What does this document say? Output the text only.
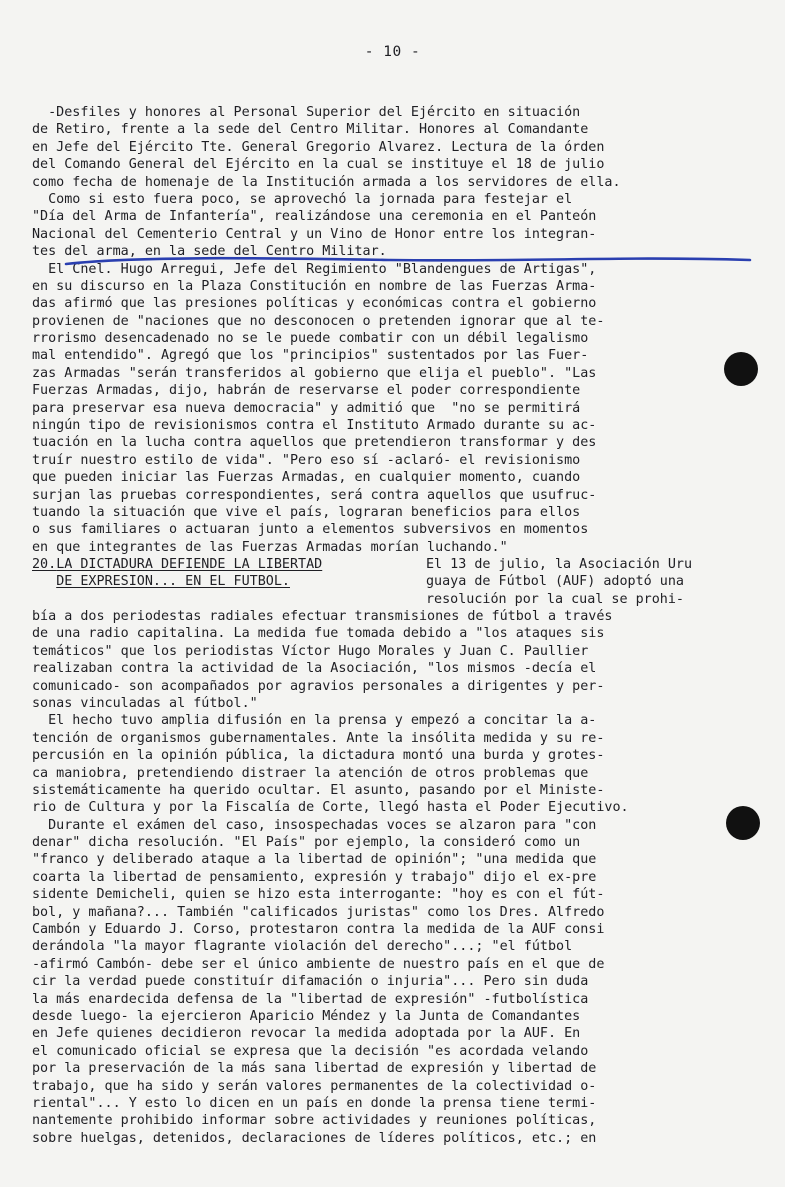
- 10 -
-Desfiles y honores al Personal Superior del Ejército en situación
de Retiro, frente a la sede del Centro Militar. Honores al Comandante
en Jefe del Ejército Tte. General Gregorio Alvarez. Lectura de la órden
del Comando General del Ejército en la cual se instituye el 18 de julio
como fecha de homenaje de la Institución armada a los servidores de ella.
Como si esto fuera poco, se aprovechó la jornada para festejar el
"Día del Arma de Infantería", realizándose una ceremonia en el Panteón
Nacional del Cementerio Central y un Vino de Honor entre los integran-
tes del arma, en la sede del Centro Militar.
El Cnel. Hugo Arregui, Jefe del Regimiento "Blandengues de Artigas",
en su discurso en la Plaza Constitución en nombre de las Fuerzas Arma-
das afirmó que las presiones políticas y económicas contra el gobierno
provienen de "naciones que no desconocen o pretenden ignorar que al te-
rrorismo desencadenado no se le puede combatir con un débil legalismo
mal entendido". Agregó que los "principios" sustentados por las Fuer-
zas Armadas "serán transferidos al gobierno que elija el pueblo". "Las
Fuerzas Armadas, dijo, habrán de reservarse el poder correspondiente
para preservar esa nueva democracia" y admitió que  "no se permitirá
ningún tipo de revisionismos contra el Instituto Armado durante su ac-
tuación en la lucha contra aquellos que pretendieron transformar y des
truír nuestro estilo de vida". "Pero eso sí -aclaró- el revisionismo
que pueden iniciar las Fuerzas Armadas, en cualquier momento, cuando
surjan las pruebas correspondientes, será contra aquellos que usufruc-
tuando la situación que vive el país, lograran beneficios para ellos
o sus familiares o actuaran junto a elementos subversivos en momentos
en que integrantes de las Fuerzas Armadas morían luchando."
20.LA DICTADURA DEFIENDE LA LIBERTAD
DE EXPRESION... EN EL FUTBOL.
El 13 de julio, la Asociación Uru
guaya de Fútbol (AUF) adoptó una
resolución por la cual se prohi-
bía a dos periodestas radiales efectuar transmisiones de fútbol a través
de una radio capitalina. La medida fue tomada debido a "los ataques sis
temáticos" que los periodistas Víctor Hugo Morales y Juan C. Paullier
realizaban contra la actividad de la Asociación, "los mismos -decía el
comunicado- son acompañados por agravios personales a dirigentes y per-
sonas vinculadas al fútbol."
El hecho tuvo amplia difusión en la prensa y empezó a concitar la a-
tención de organismos gubernamentales. Ante la insólita medida y su re-
percusión en la opinión pública, la dictadura montó una burda y grotes-
ca maniobra, pretendiendo distraer la atención de otros problemas que
sistemáticamente ha querido ocultar. El asunto, pasando por el Ministe-
rio de Cultura y por la Fiscalía de Corte, llegó hasta el Poder Ejecutivo.
Durante el exámen del caso, insospechadas voces se alzaron para "con
denar" dicha resolución. "El País" por ejemplo, la consideró como un
"franco y deliberado ataque a la libertad de opinión"; "una medida que
coarta la libertad de pensamiento, expresión y trabajo" dijo el ex-pre
sidente Demicheli, quien se hizo esta interrogante: "hoy es con el fút-
bol, y mañana?... También "calificados juristas" como los Dres. Alfredo
Cambón y Eduardo J. Corso, protestaron contra la medida de la AUF consi
derándola "la mayor flagrante violación del derecho"...; "el fútbol
-afirmó Cambón- debe ser el único ambiente de nuestro país en el que de
cir la verdad puede constituír difamación o injuria"... Pero sin duda
la más enardecida defensa de la "libertad de expresión" -futbolística
desde luego- la ejercieron Aparicio Méndez y la Junta de Comandantes
en Jefe quienes decidieron revocar la medida adoptada por la AUF. En
el comunicado oficial se expresa que la decisión "es acordada velando
por la preservación de la más sana libertad de expresión y libertad de
trabajo, que ha sido y serán valores permanentes de la colectividad o-
riental"... Y esto lo dicen en un país en donde la prensa tiene termi-
nantemente prohibido informar sobre actividades y reuniones políticas,
sobre huelgas, detenidos, declaraciones de líderes políticos, etc.; en
